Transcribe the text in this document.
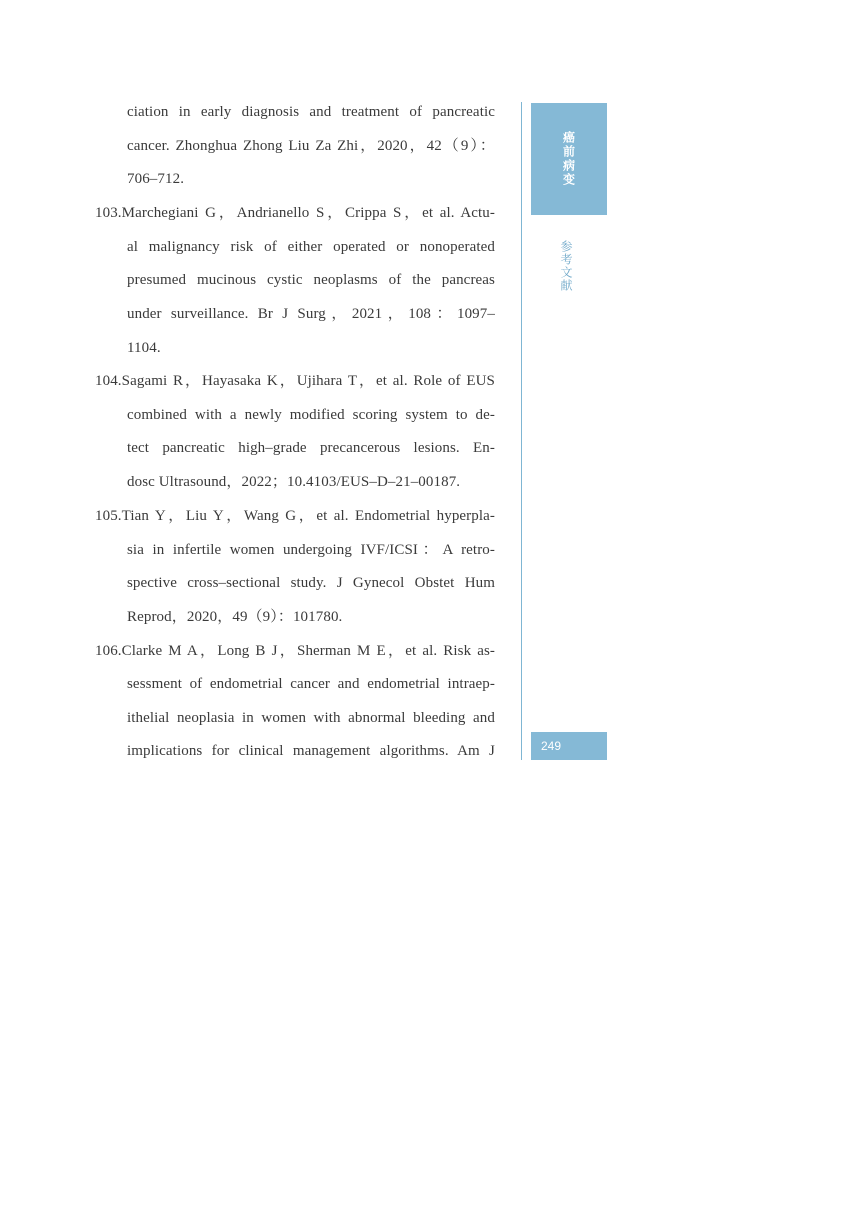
ciation in early diagnosis and treatment of pancreatic
cancer. Zhonghua Zhong Liu Za Zhi，2020，42（9）：
706–712.
103.Marchegiani G，Andrianello S，Crippa S，et al. Actu-
al malignancy risk of either operated or nonoperated
presumed mucinous cystic neoplasms of the pancreas
under surveillance. Br J Surg，2021，108：1097–
1104.
104.Sagami R，Hayasaka K，Ujihara T，et al. Role of EUS
combined with a newly modified scoring system to de-
tect pancreatic high–grade precancerous lesions. En-
dosc Ultrasound，2022；10.4103/EUS–D–21–00187.
105.Tian Y，Liu Y，Wang G，et al. Endometrial hyperpla-
sia in infertile women undergoing IVF/ICSI：A retro-
spective cross–sectional study. J Gynecol Obstet Hum
Reprod，2020，49（9）：101780.
106.Clarke M A，Long B J，Sherman M E，et al. Risk as-
sessment of endometrial cancer and endometrial intraep-
ithelial neoplasia in women with abnormal bleeding and
implications for clinical management algorithms. Am J
癌前病变
参考文献
249
